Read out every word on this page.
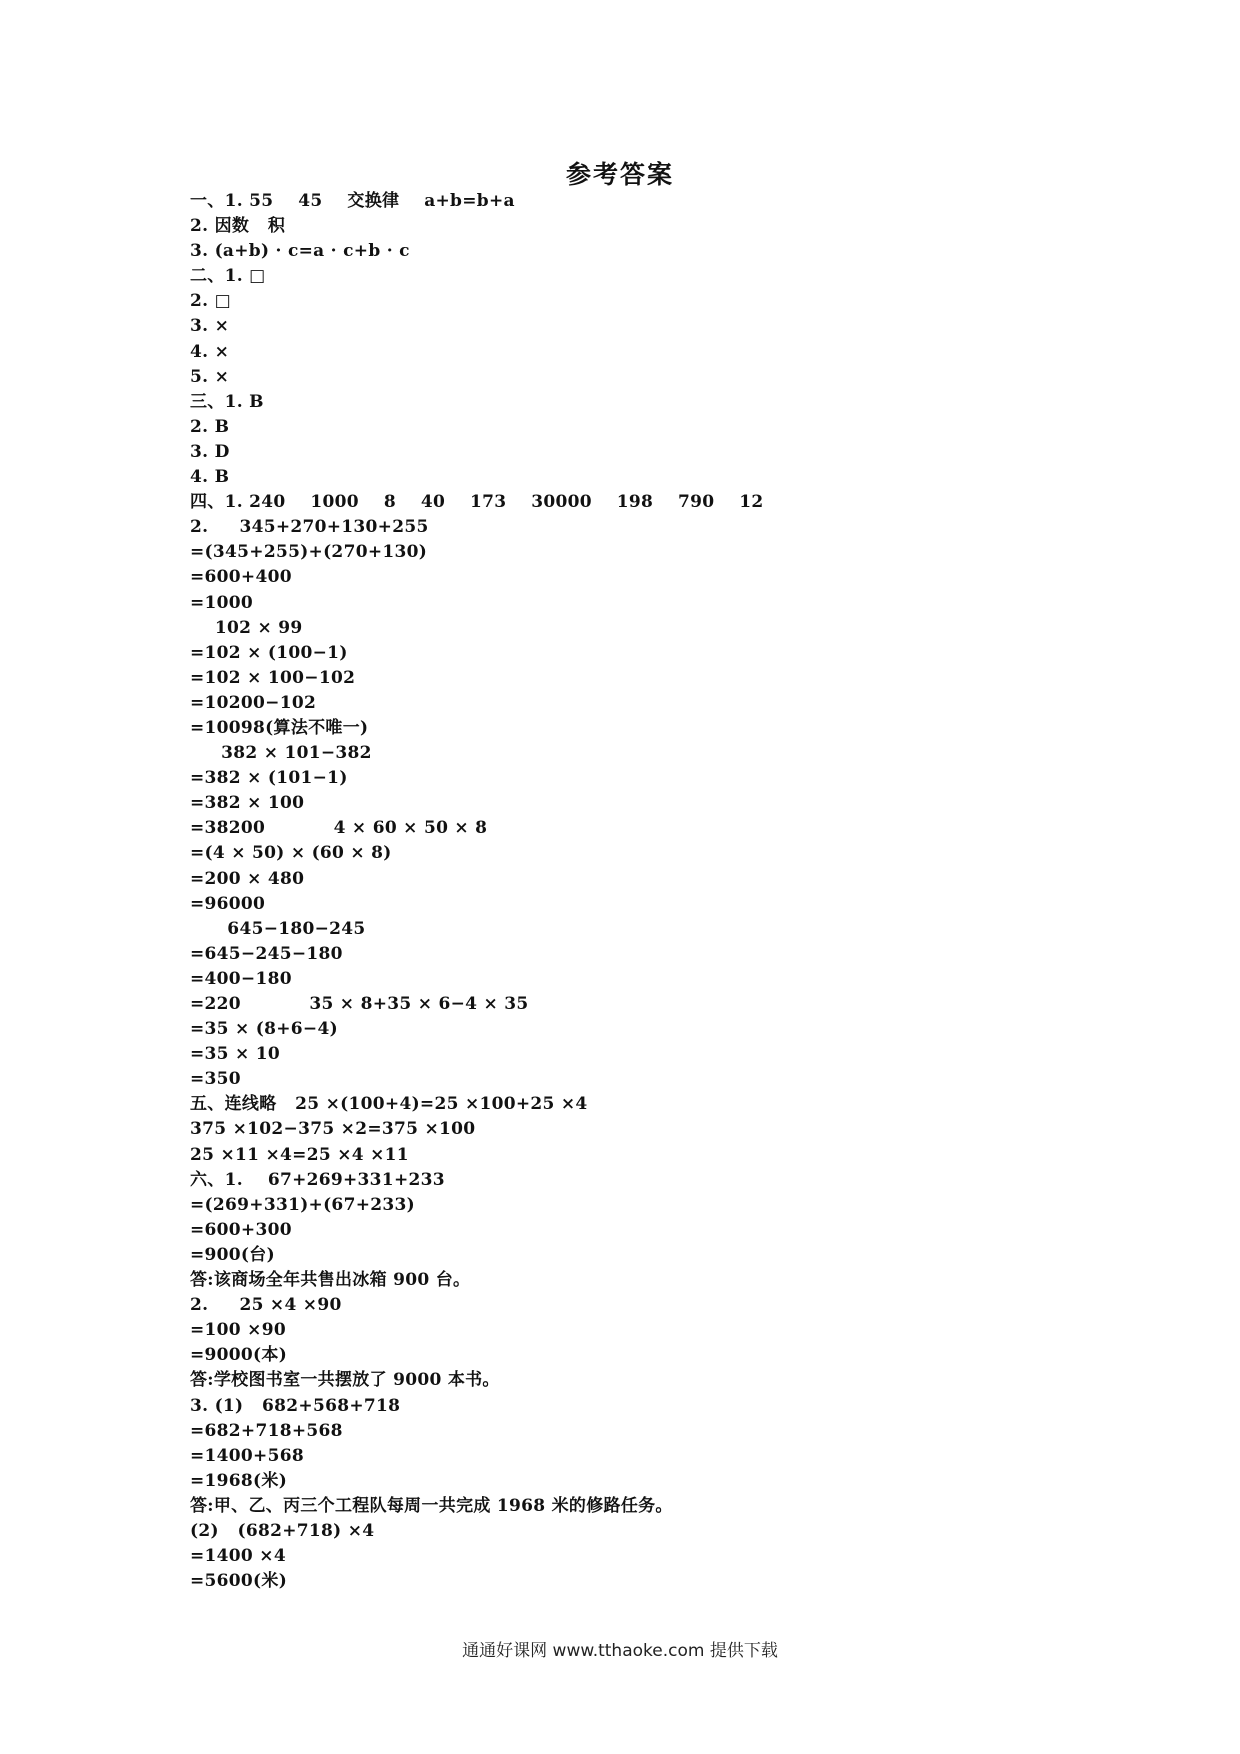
参考答案
一、1. 55    45    交换律    a+b=b+a
2. 因数   积
3. (a+b) · c=a · c+b · c
二、1. □
2. □
3. ×
4. ×
5. ×
三、1. B
2. B
3. D
4. B
四、1. 240    1000    8    40    173    30000    198    790    12
2.     345+270+130+255
=(345+255)+(270+130)
=600+400
=1000
102 × 99
=102 × (100−1)
=102 × 100−102
=10200−102
=10098(算法不唯一)
382 × 101−382
=382 × (101−1)
=382 × 100
=38200           4 × 60 × 50 × 8
=(4 × 50) × (60 × 8)
=200 × 480
=96000
645−180−245
=645−245−180
=400−180
=220           35 × 8+35 × 6−4 × 35
=35 × (8+6−4)
=35 × 10
=350
五、连线略   25 ×(100+4)=25 ×100+25 ×4
375 ×102−375 ×2=375 ×100
25 ×11 ×4=25 ×4 ×11
六、1.    67+269+331+233
=(269+331)+(67+233)
=600+300
=900(台)
答:该商场全年共售出冰箱 900 台。
2.     25 ×4 ×90
=100 ×90
=9000(本)
答:学校图书室一共摆放了 9000 本书。
3. (1)   682+568+718
=682+718+568
=1400+568
=1968(米)
答:甲、乙、丙三个工程队每周一共完成 1968 米的修路任务。
(2)   (682+718) ×4
=1400 ×4
=5600(米)
通通好课网 www.tthaoke.com 提供下载
